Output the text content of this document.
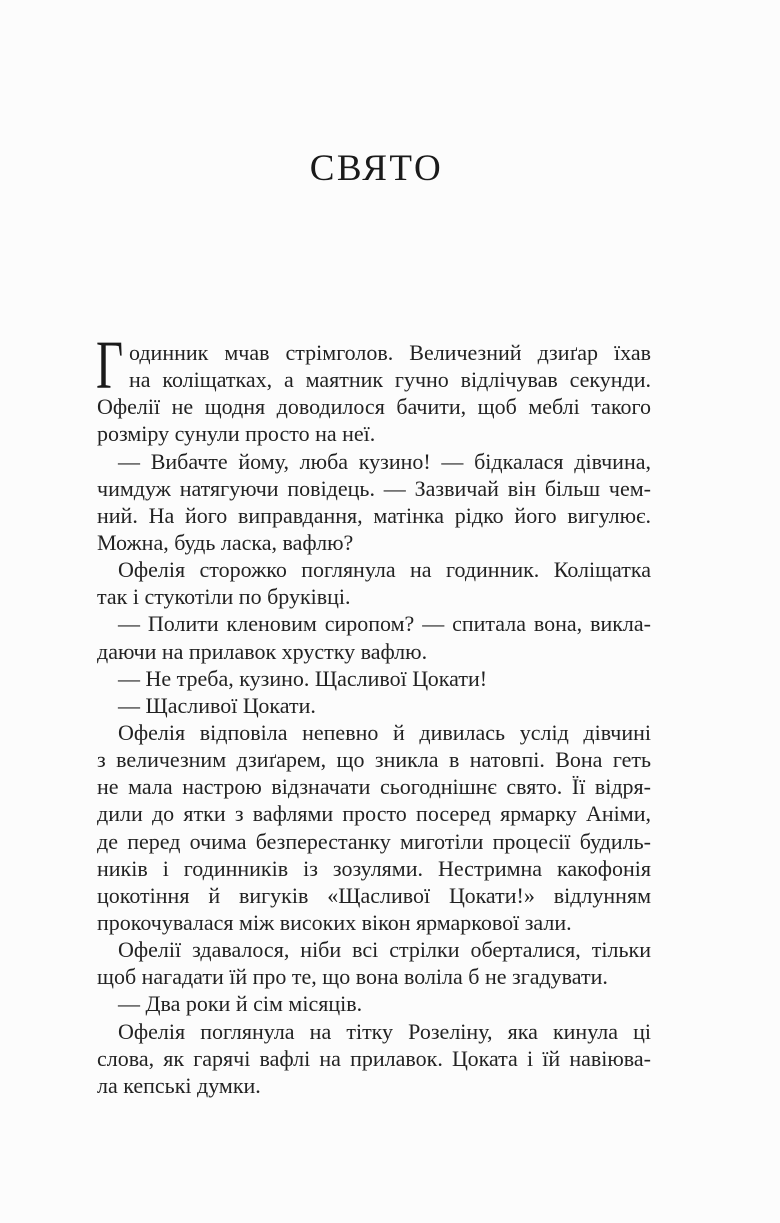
СВЯТО
Г одинник мчав стрімголов. Величезний дзиґар їхав
на коліщатках, а маятник гучно відлічував секунди.
Офелії не щодня доводилося бачити, щоб меблі такого
розміру сунули просто на неї.
— Вибачте йому, люба кузино! — бідкалася дівчина,
чимдуж натягуючи повідець. — Зазвичай він більш чем-
ний. На його виправдання, матінка рідко його вигулює.
Можна, будь ласка, вафлю?
Офелія сторожко поглянула на годинник. Коліщатка
так і стукотіли по бруківці.
— Полити кленовим сиропом? — спитала вона, викла-
даючи на прилавок хрустку вафлю.
— Не треба, кузино. Щасливої Цокати!
— Щасливої Цокати.
Офелія відповіла непевно й дивилась услід дівчині
з величезним дзиґарем, що зникла в натовпі. Вона геть
не мала настрою відзначати сьогоднішнє свято. Її відря-
дили до ятки з вафлями просто посеред ярмарку Аніми,
де перед очима безперестанку миготіли процесії будиль-
ників і годинників із зозулями. Нестримна какофонія
цокотіння й вигуків «Щасливої Цокати!» відлунням
прокочувалася між високих вікон ярмаркової зали.
Офелії здавалося, ніби всі стрілки оберталися, тільки
щоб нагадати їй про те, що вона воліла б не згадувати.
— Два роки й сім місяців.
Офелія поглянула на тітку Розеліну, яка кинула ці
слова, як гарячі вафлі на прилавок. Цоката і їй навіюва-
ла кепські думки.
